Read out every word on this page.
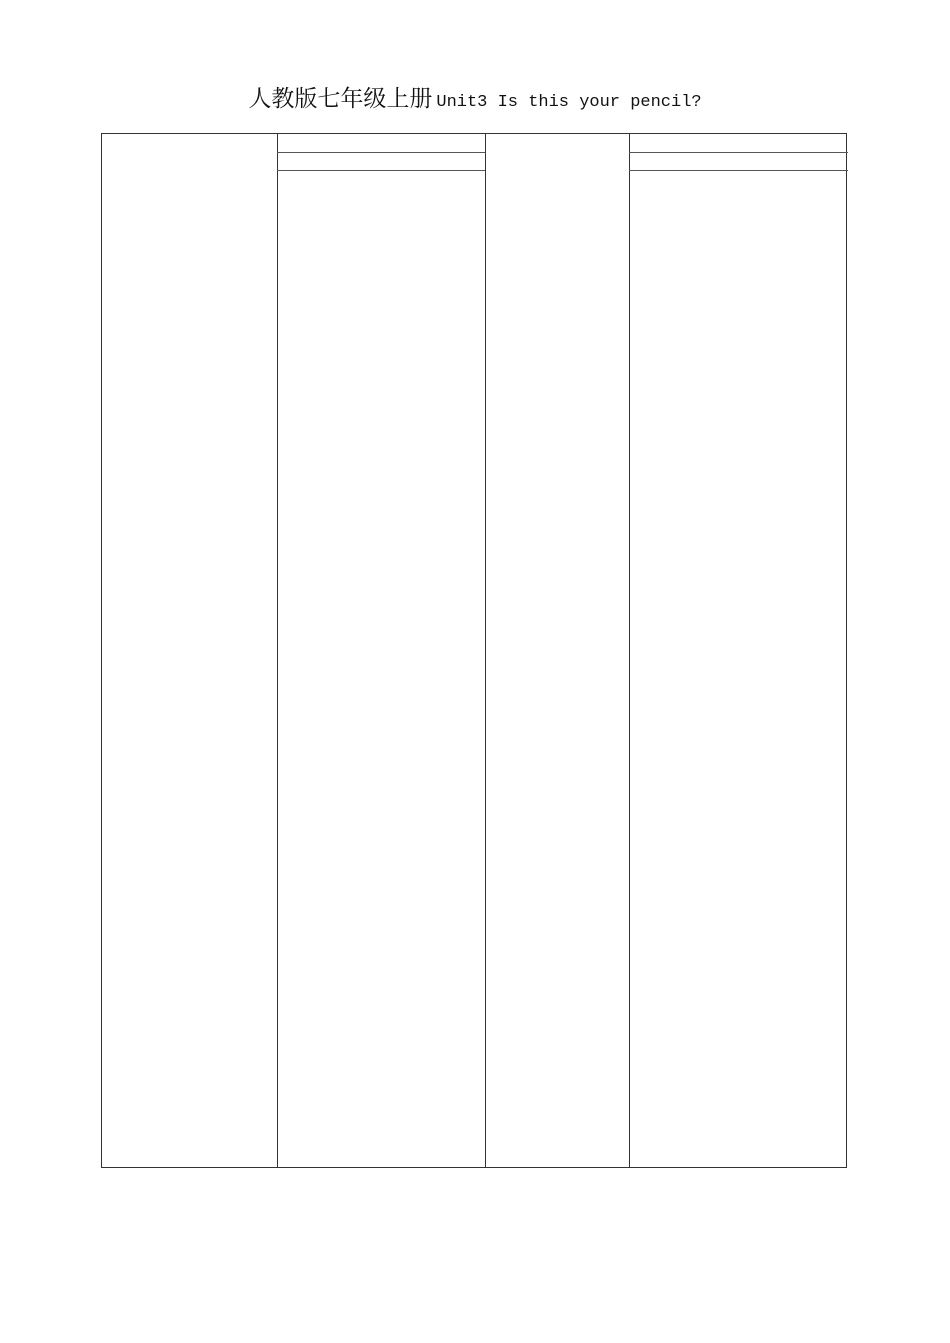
人教版七年级上册 Unit3 Is this your pencil?
